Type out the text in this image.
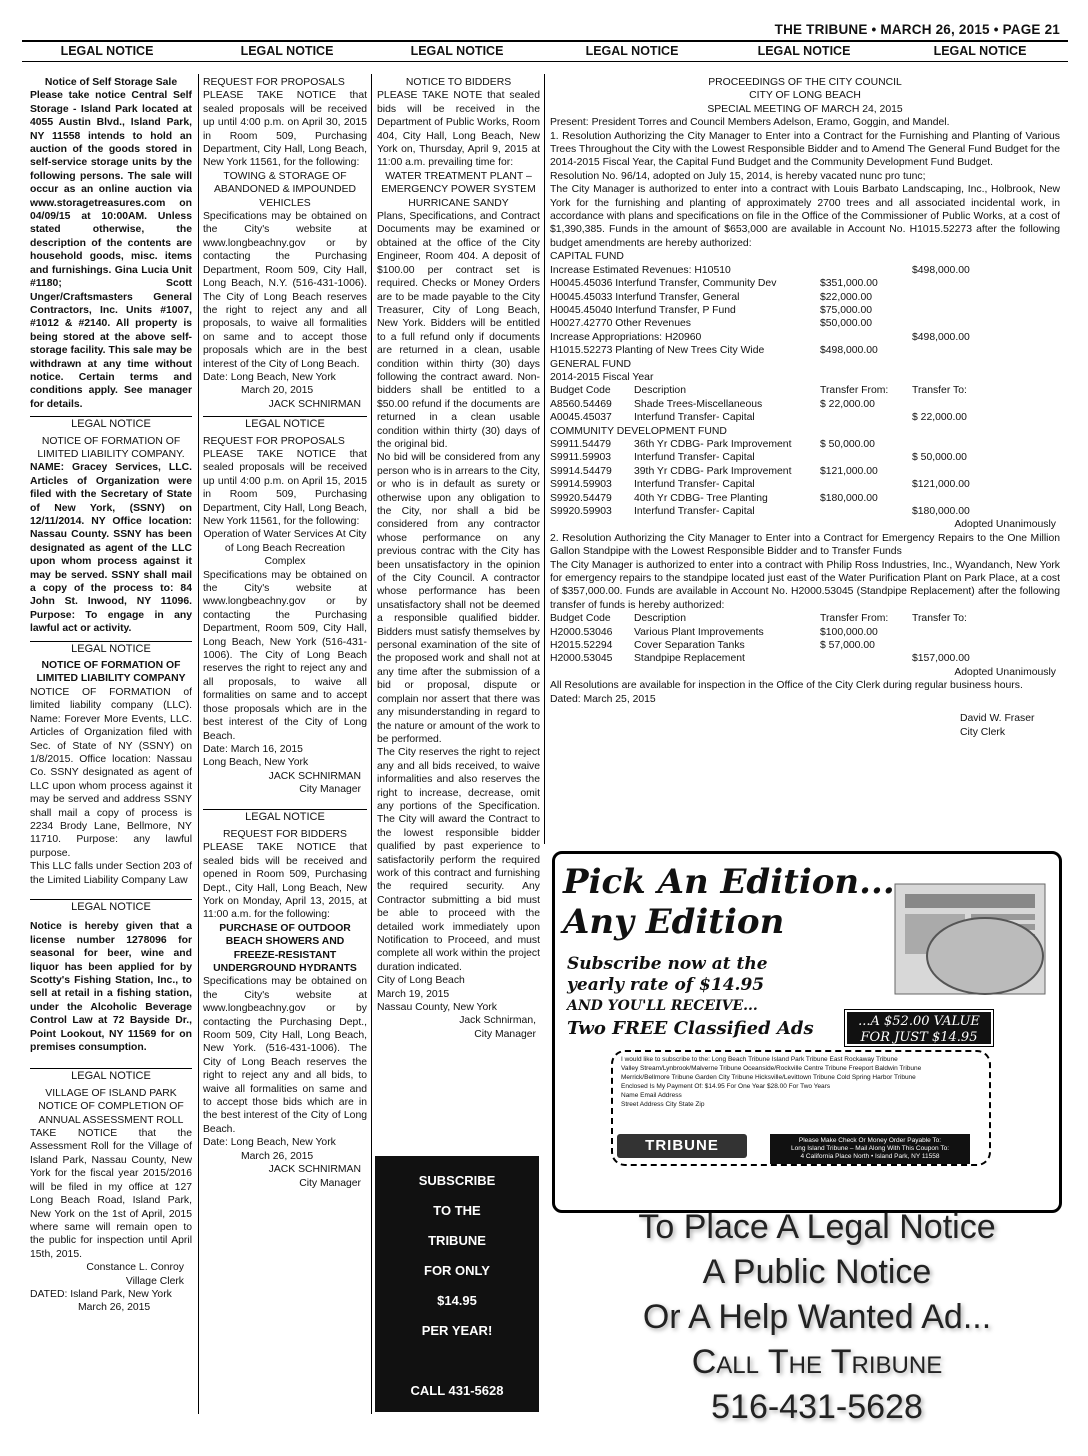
THE TRIBUNE • MARCH 26, 2015 • PAGE 21
LEGAL NOTICE	LEGAL NOTICE	LEGAL NOTICE	LEGAL NOTICE	LEGAL NOTICE	LEGAL NOTICE
Notice of Self Storage Sale

Please take notice Central Self Storage - Island Park located at 4055 Austin Blvd., Island Park, NY 11558 intends to hold an auction of the goods stored in self-service storage units by the following persons. The sale will occur as an online auction via www.storagetreasures.com on 04/09/15 at 10:00AM. Unless stated otherwise, the description of the contents are household goods, misc. items and furnishings. Gina Lucia Unit #1180; Scott Unger/Craftsmasters General Contractors, Inc. Units #1007, #1012 & #2140. All property is being stored at the above self-storage facility. This sale may be withdrawn at any time without notice. Certain terms and conditions apply. See manager for details.

LEGAL NOTICE
NOTICE OF FORMATION OF LIMITED LIABILITY COMPANY.

NAME: Gracey Services, LLC. Articles of Organization were filed with the Secretary of State of New York, (SSNY) on 12/11/2014. NY Office location: Nassau County. SSNY has been designated as agent of the LLC upon whom process against it may be served. SSNY shall mail a copy of the process to: 84 John St. Inwood, NY 11096. Purpose: To engage in any lawful act or activity.

LEGAL NOTICE
NOTICE OF FORMATION OF LIMITED LIABILITY COMPANY

NOTICE OF FORMATION of limited liability company (LLC). Name: Forever More Events, LLC. Articles of Organization filed with Sec. of State of NY (SSNY) on 1/8/2015. Office location: Nassau Co. SSNY designated as agent of LLC upon whom process against it may be served and address SSNY shall mail a copy of process is 2234 Brody Lane, Bellmore, NY 11710. Purpose: any lawful purpose.

This LLC falls under Section 203 of the Limited Liability Company Law

LEGAL NOTICE

Notice is hereby given that a license number 1278096 for seasonal for beer, wine and liquor has been applied for by Scotty's Fishing Station, Inc., to sell at retail in a fishing station, under the Alcoholic Beverage Control Law at 72 Bayside Dr., Point Lookout, NY 11569 for on premises consumption.

LEGAL NOTICE
VILLAGE OF ISLAND PARK NOTICE OF COMPLETION OF ANNUAL ASSESSMENT ROLL

TAKE NOTICE that the Assessment Roll for the Village of Island Park, Nassau County, New York for the fiscal year 2015/2016 will be filed in my office at 127 Long Beach Road, Island Park, New York on the 1st of April, 2015 where same will remain open to the public for inspection until April 15th, 2015.

Constance L. Conroy
Village Clerk
DATED: Island Park, New York
March 26, 2015
REQUEST FOR PROPOSALS

PLEASE TAKE NOTICE that sealed proposals will be received up until 4:00 p.m. on April 30, 2015 in Room 509, Purchasing Department, City Hall, Long Beach, New York 11561, for the following:

TOWING & STORAGE OF ABANDONED & IMPOUNDED VEHICLES

Specifications may be obtained on the City's website at www.longbeachny.gov or by contacting the Purchasing Department, Room 509, City Hall, Long Beach, N.Y. (516-431-1006). The City of Long Beach reserves the right to reject any and all proposals, to waive all formalities on same and to accept those proposals which are in the best interest of the City of Long Beach.

Date: Long Beach, New York
March 20, 2015
JACK SCHNIRMAN
LEGAL NOTICE
REQUEST FOR PROPOSALS

PLEASE TAKE NOTICE that sealed proposals will be received up until 4:00 p.m. on April 15, 2015 in Room 509, Purchasing Department, City Hall, Long Beach, New York 11561, for the following:

Operation of Water Services At City of Long Beach Recreation Complex

Specifications may be obtained on the City's website at www.longbeachny.gov or by contacting the Purchasing Department, Room 509, City Hall, Long Beach, New York (516-431-1006). The City of Long Beach reserves the right to reject any and all proposals, to waive all formalities on same and to accept those proposals which are in the best interest of the City of Long Beach.

Date: March 16, 2015
Long Beach, New York
JACK SCHNIRMAN
City Manager
LEGAL NOTICE
REQUEST FOR BIDDERS

PLEASE TAKE NOTICE that sealed bids will be received and opened in Room 509, Purchasing Dept., City Hall, Long Beach, New York on Monday, April 13, 2015, at 11:00 a.m. for the following:

PURCHASE OF OUTDOOR BEACH SHOWERS AND FREEZE-RESISTANT UNDERGROUND HYDRANTS

Specifications may be obtained on the City's website at www.longbeachny.gov or by contacting the Purchasing Dept., Room 509, City Hall, Long Beach, New York. (516-431-1006). The City of Long Beach reserves the right to reject any and all bids, to waive all formalities on same and to accept those bids which are in the best interest of the City of Long Beach.

Date: Long Beach, New York
March 26, 2015
JACK SCHNIRMAN
City Manager
NOTICE TO BIDDERS

PLEASE TAKE NOTE that sealed bids will be received in the Department of Public Works, Room 404, City Hall, Long Beach, New York on, Thursday, April 9, 2015 at 11:00 a.m. prevailing time for:

WATER TREATMENT PLANT – EMERGENCY POWER SYSTEM HURRICANE SANDY

Plans, Specifications, and Contract Documents may be examined or obtained at the office of the City Engineer, Room 404. A deposit of $100.00 per contract set is required. Checks or Money Orders are to be made payable to the City Treasurer, City of Long Beach, New York. Bidders will be entitled to a full refund only if documents are returned in a clean, usable condition within thirty (30) days following the contract award. Non-bidders shall be entitled to a $50.00 refund if the documents are returned in a clean usable condition within thirty (30) days of the original bid.

No bid will be considered from any person who is in arrears to the City, or who is in default as surety or otherwise upon any obligation to the City, nor shall a bid be considered from any contractor whose performance on any previous contrac with the City has been unsatisfactory in the opinion of the City Council. A contractor whose performance has been unsatisfactory shall not be deemed a responsible qualified bidder. Bidders must satisfy themselves by personal examination of the site of the proposed work and shall not at any time after the submission of a bid or proposal, dispute or complain nor assert that there was any misunderstanding in regard to the nature or amount of the work to be performed.

The City reserves the right to reject any and all bids received, to waive informalities and also reserves the right to increase, decrease, omit any portions of the Specification. The City will award the Contract to the lowest responsible bidder qualified by past experience to satisfactorily perform the required work of this contract and furnishing the required security. Any Contractor submitting a bid must be able to proceed with the detailed work immediately upon Notification to Proceed, and must complete all work within the project duration indicated.

City of Long Beach
March 19, 2015
Nassau County, New York
Jack Schnirman,
City Manager
SUBSCRIBE
TO THE
TRIBUNE
FOR ONLY
$14.95
PER YEAR!
CALL 431-5628
PROCEEDINGS OF THE CITY COUNCIL
CITY OF LONG BEACH
SPECIAL MEETING OF MARCH 24, 2015

Present: President Torres and Council Members Adelson, Eramo, Goggin, and Mandel.

1. Resolution Authorizing the City Manager to Enter into a Contract for the Furnishing and Planting of Various Trees Throughout the City with the Lowest Responsible Bidder and to Amend The General Fund Budget for the 2014-2015 Fiscal Year, the Capital Fund Budget and the Community Development Fund Budget.

Resolution No. 96/14, adopted on July 15, 2014, is hereby vacated nunc pro tunc;

The City Manager is authorized to enter into a contract with Louis Barbato Landscaping, Inc., Holbrook, New York for the furnishing and planting of approximately 2700 trees and all associated incidental work, in accordance with plans and specifications on file in the Office of the Commissioner of Public Works, at a cost of $1,390,385. Funds in the amount of $653,000 are available in Account No. H1015.52273 after the following budget amendments are hereby authorized:

CAPITAL FUND
Increase Estimated Revenues: H10510		$498,000.00
H0045.45036 Interfund Transfer, Community Dev	$351,000.00	
H0045.45033 Interfund Transfer, General	$22,000.00	
H0045.45040 Interfund Transfer, P Fund	$75,000.00	
H0027.42770 Other Revenues	$50,000.00	
Increase Appropriations: H20960		$498,000.00
H1015.52273 Planting of New Trees City Wide	$498,000.00	
GENERAL FUND
2014-2015 Fiscal Year
Budget Code	Description	Transfer From:	Transfer To:
A8560.54469	Shade Trees-Miscellaneous	$ 22,000.00	
A0045.45037	Interfund Transfer- Capital		$ 22,000.00
COMMUNITY DEVELOPMENT FUND
S9911.54479	36th Yr CDBG- Park Improvement	$ 50,000.00	
S9911.59903	Interfund Transfer- Capital		$ 50,000.00
S9914.54479	39th Yr CDBG- Park Improvement	$121,000.00	
S9914.59903	Interfund Transfer- Capital		$121,000.00
S9920.54479	40th Yr CDBG- Tree Planting	$180,000.00	
S9920.59903	Interfund Transfer- Capital		$180,000.00
Adopted Unanimously

2. Resolution Authorizing the City Manager to Enter into a Contract for Emergency Repairs to the One Million Gallon Standpipe with the Lowest Responsible Bidder and to Transfer Funds

The City Manager is authorized to enter into a contract with Philip Ross Industries, Inc., Wyandanch, New York for emergency repairs to the standpipe located just east of the Water Purification Plant on Park Place, at a cost of $357,000.00. Funds are available in Account No. H2000.53045 (Standpipe Replacement) after the following transfer of funds is hereby authorized:

Budget Code	Description	Transfer From:	Transfer To:
H2000.53046	Various Plant Improvements	$100,000.00	
H2015.52294	Cover Separation Tanks	$ 57,000.00	
H2000.53045	Standpipe Replacement		$157,000.00
Adopted Unanimously

All Resolutions are available for inspection in the Office of the City Clerk during regular business hours.

Dated: March 25, 2015
David W. Fraser
City Clerk
Pick An Edition...
Any Edition
Subscribe now at the
yearly rate of $14.95
AND YOU'LL RECEIVE...
Two FREE Classified Ads	...A $52.00 VALUE
FOR JUST $14.95
I would like to subscribe to the: Long Beach Tribune Island Park Tribune East Rockaway Tribune
Valley Stream/Lynbrook/Malverne Tribune Oceanside/Rockville Centre Tribune Freeport Baldwin Tribune
Merrick/Bellmore Tribune Garden City Tribune Hicksville/Levittown Tribune Cold Spring Harbor Tribune
Enclosed Is My Payment Of: $14.95 For One Year $28.00 For Two Years
Name Email Address
Street Address City State Zip
TRIBUNE	Please Make Check Or Money Order Payable To:
Long Island Tribune – Mail Along With This Coupon To:
4 California Place North • Island Park, NY 11558
To Place A Legal Notice
A Public Notice
Or A Help Wanted Ad...
Call The Tribune
516-431-5628
